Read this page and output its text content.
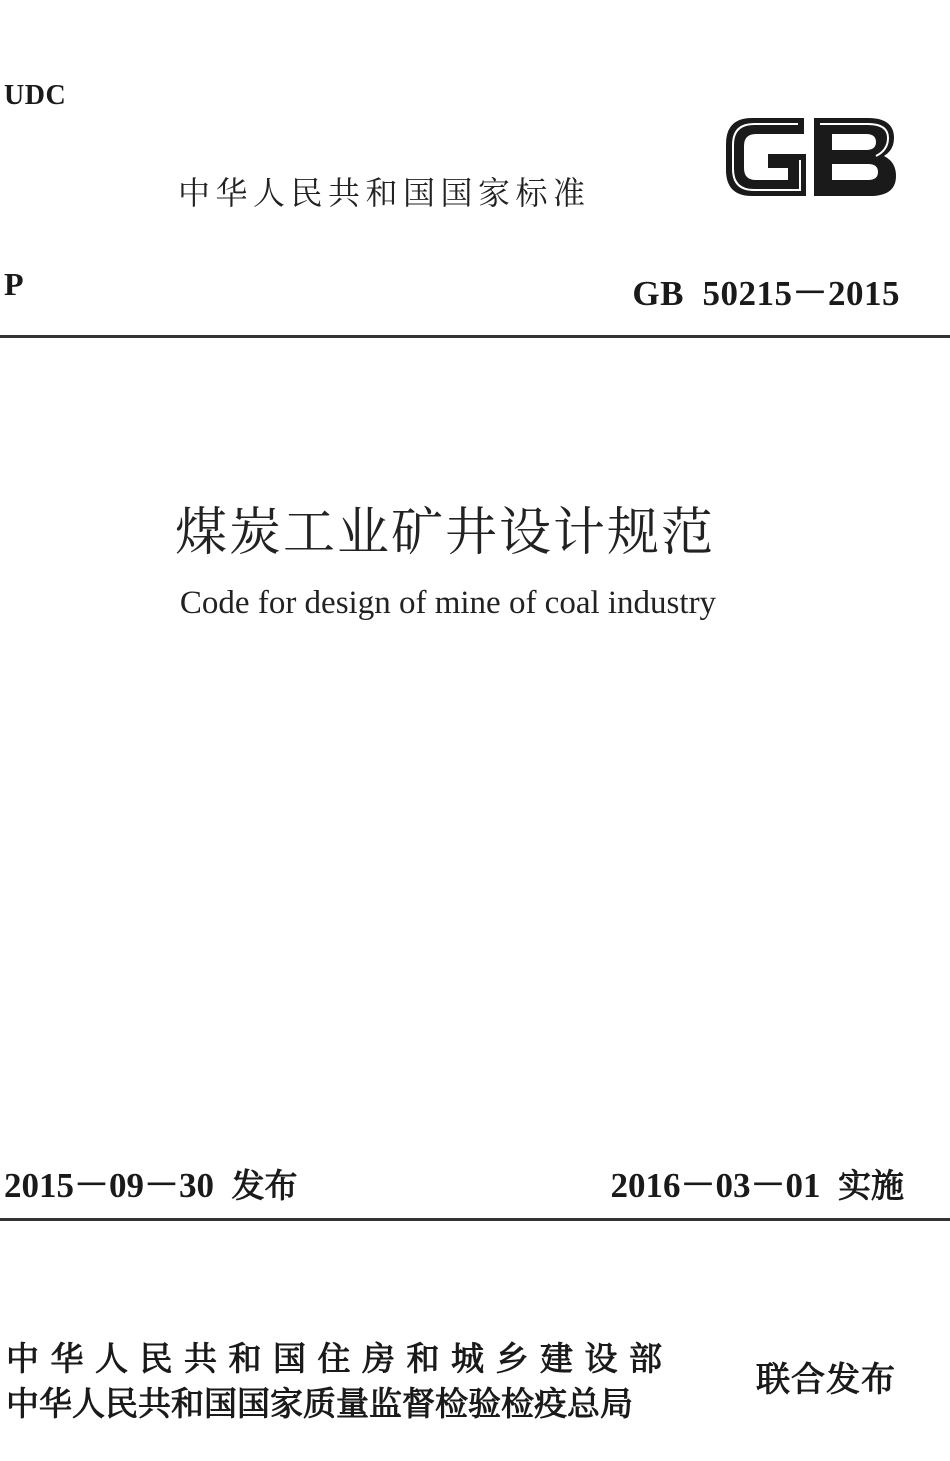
UDC
中华人民共和国国家标准
P	GB  50215－2015
煤炭工业矿井设计规范
Code for design of mine of coal industry
2015－09－30 发布	2016－03－01 实施
中华人民共和国住房和城乡建设部
中华人民共和国国家质量监督检验检疫总局
联合发布
